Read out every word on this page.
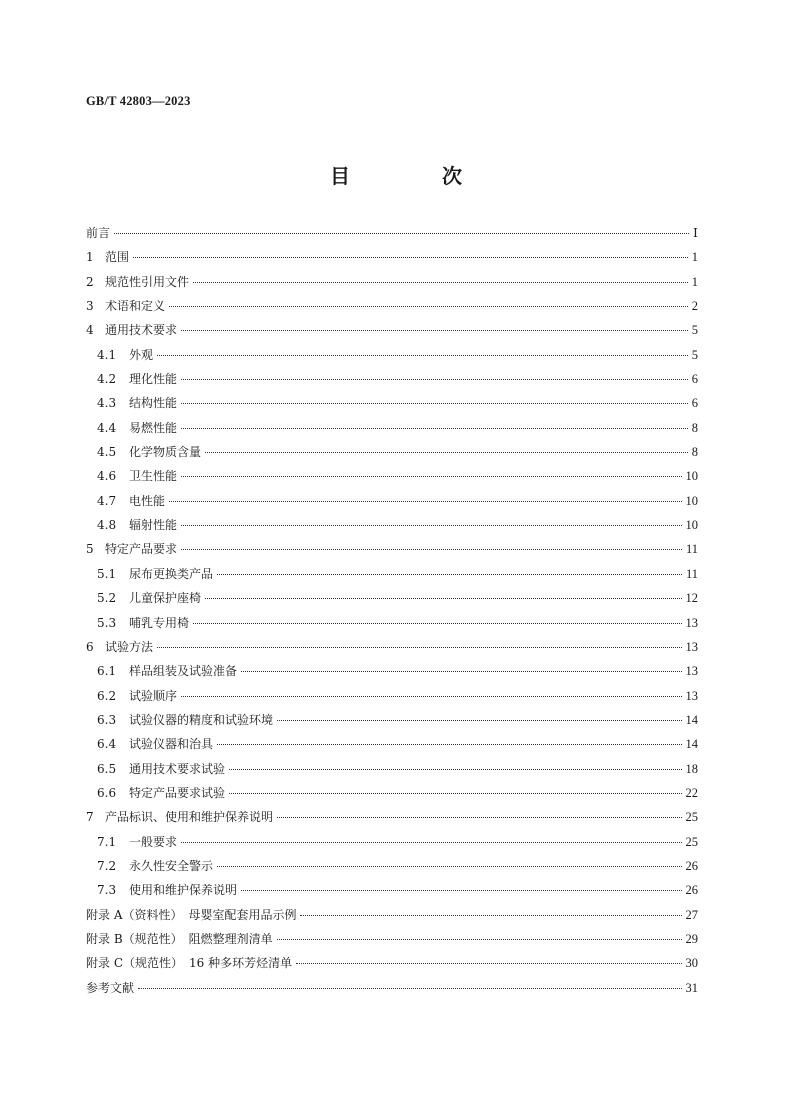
GB/T 42803—2023
目　次
前言	Ⅰ
1 范围	1
2 规范性引用文件	1
3 术语和定义	2
4 通用技术要求	5
4.1	外观	5
4.2	理化性能	6
4.3	结构性能	6
4.4	易燃性能	8
4.5	化学物质含量	8
4.6	卫生性能	10
4.7	电性能	10
4.8	辐射性能	10
5 特定产品要求	11
5.1	尿布更换类产品	11
5.2	儿童保护座椅	12
5.3	哺乳专用椅	13
6 试验方法	13
6.1	样品组装及试验准备	13
6.2	试验顺序	13
6.3	试验仪器的精度和试验环境	14
6.4	试验仪器和治具	14
6.5	通用技术要求试验	18
6.6	特定产品要求试验	22
7 产品标识、使用和维护保养说明	25
7.1	一般要求	25
7.2	永久性安全警示	26
7.3	使用和维护保养说明	26
附录 A（资料性）　母婴室配套用品示例	27
附录 B（规范性）　阻燃整理剂清单	29
附录 C（规范性）　16 种多环芳烃清单	30
参考文献	31
